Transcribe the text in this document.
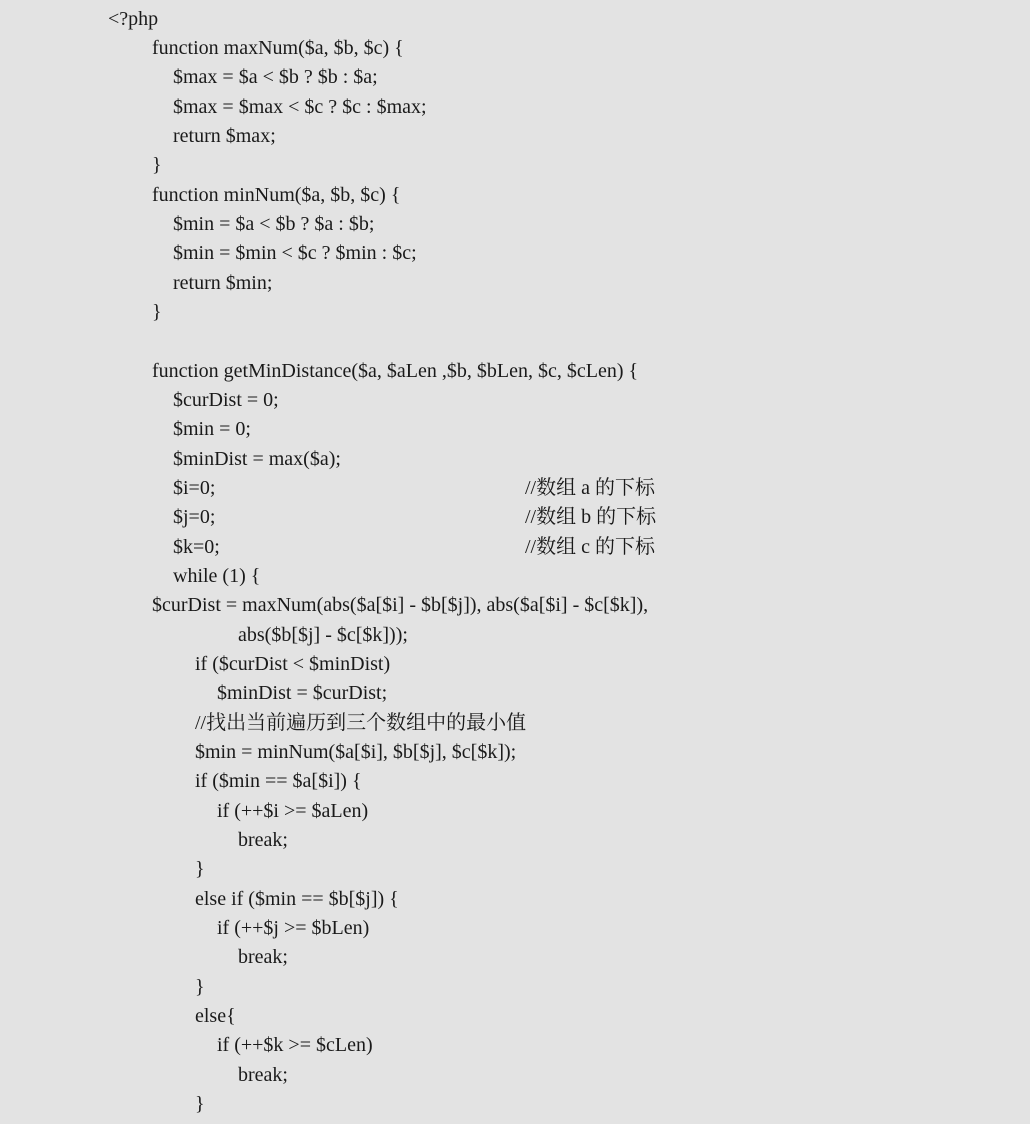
<?php
function maxNum($a, $b, $c) {
$max = $a < $b ? $b : $a;
$max = $max < $c ? $c : $max;
return $max;
}
function minNum($a, $b, $c) {
$min = $a < $b ? $a : $b;
$min = $min < $c ? $min : $c;
return $min;
}
function getMinDistance($a, $aLen ,$b, $bLen, $c, $cLen) {
$curDist = 0;
$min = 0;
$minDist = max($a);
$i=0;	//数组 a 的下标
$j=0;	//数组 b 的下标
$k=0;	//数组 c 的下标
while (1) {
$curDist = maxNum(abs($a[$i] - $b[$j]), abs($a[$i] - $c[$k]),
abs($b[$j] - $c[$k]));
if ($curDist < $minDist)
$minDist = $curDist;
//找出当前遍历到三个数组中的最小值
$min = minNum($a[$i], $b[$j], $c[$k]);
if ($min == $a[$i]) {
if (++$i >= $aLen)
break;
}
else if ($min == $b[$j]) {
if (++$j >= $bLen)
break;
}
else{
if (++$k >= $cLen)
break;
}
